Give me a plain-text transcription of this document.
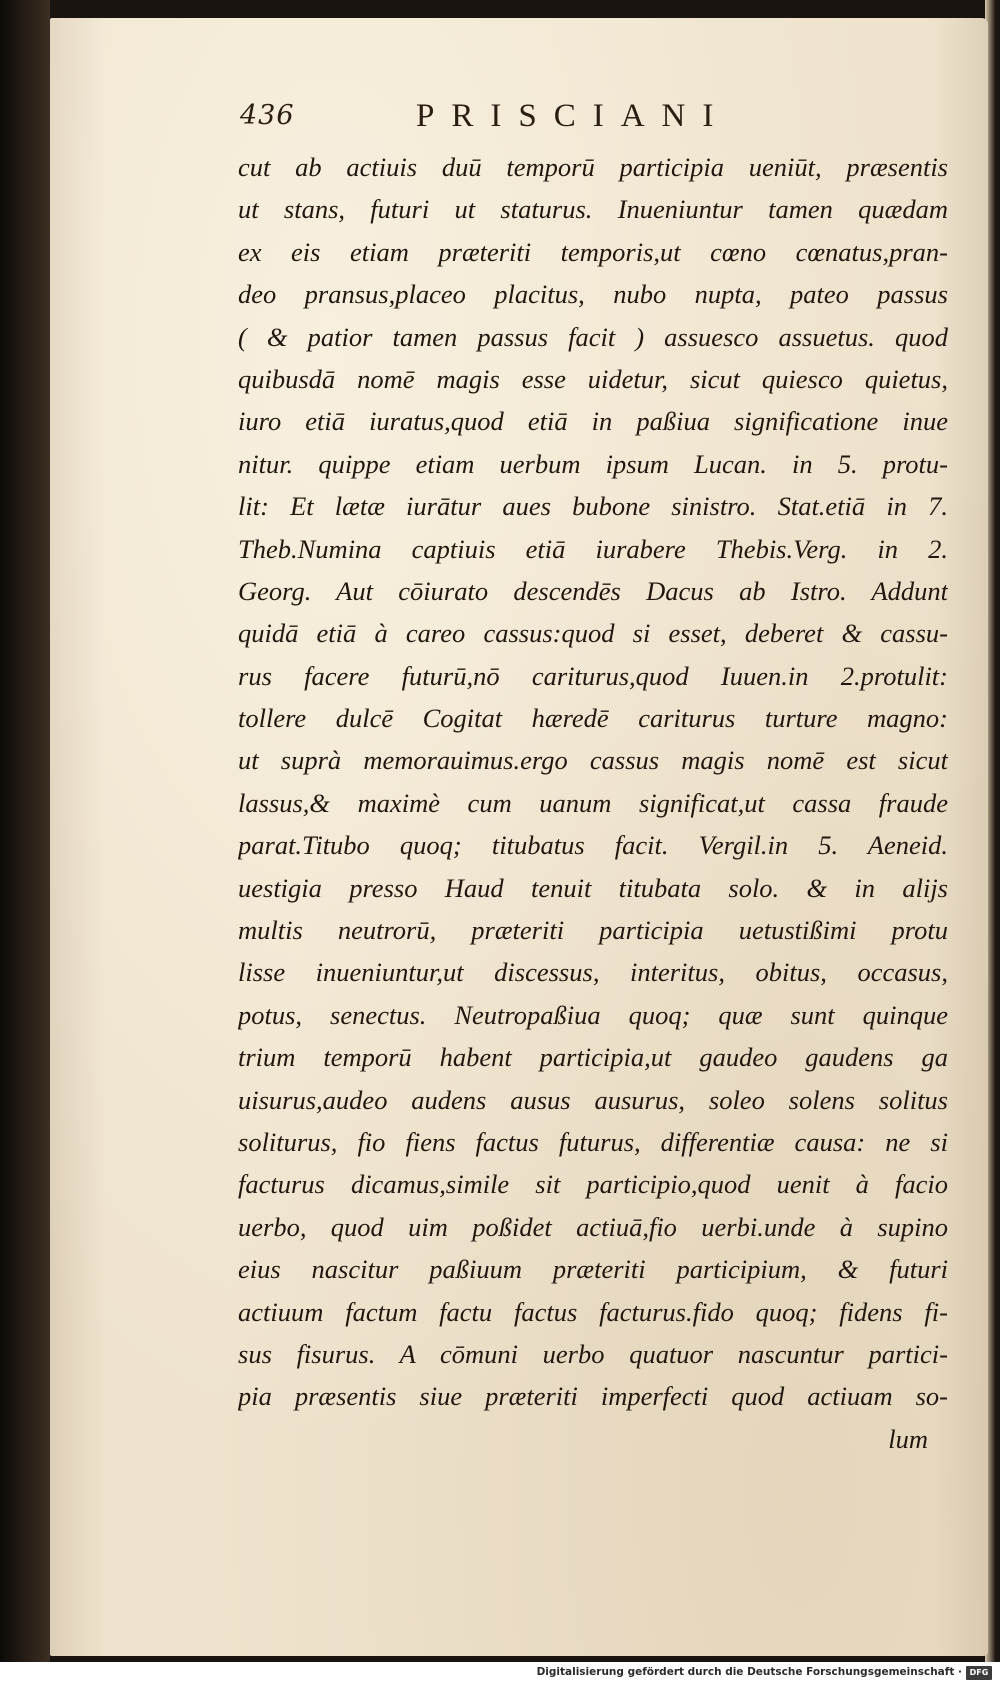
436	PRISCIANI
cut ab actiuis duū temporū participia ueniūt, præsentis
ut stans, futuri ut staturus. Inueniuntur tamen quædam
ex eis etiam præteriti temporis,ut cœno cœnatus,pran-
deo pransus,placeo placitus, nubo nupta, pateo passus
( & patior tamen passus facit ) assuesco assuetus. quod
quibusdā nomē magis esse uidetur, sicut quiesco quietus,
iuro etiā iuratus,quod etiā in paßiua significatione inue
nitur. quippe etiam uerbum ipsum Lucan. in 5. protu-
lit: Et lætæ iurātur aues bubone sinistro. Stat.etiā in 7.
Theb.Numina captiuis etiā iurabere Thebis.Verg. in 2.
Georg. Aut cōiurato descendēs Dacus ab Istro. Addunt
quidā etiā à careo cassus:quod si esset, deberet & cassu-
rus facere futurū,nō cariturus,quod Iuuen.in 2.protulit:
tollere dulcē Cogitat hæredē cariturus turture magno:
ut suprà memorauimus.ergo cassus magis nomē est sicut
lassus,& maximè cum uanum significat,ut cassa fraude
parat.Titubo quoq; titubatus facit. Vergil.in 5. Aeneid.
uestigia presso Haud tenuit titubata solo. & in alijs
multis neutrorū, præteriti participia uetustißimi protu
lisse inueniuntur,ut discessus, interitus, obitus, occasus,
potus, senectus. Neutropaßiua quoq; quæ sunt quinque
trium temporū habent participia,ut gaudeo gaudens ga
uisurus,audeo audens ausus ausurus, soleo solens solitus
soliturus, fio fiens factus futurus, differentiæ causa: ne si
facturus dicamus,simile sit participio,quod uenit à facio
uerbo, quod uim poßidet actiuā,fio uerbi.unde à supino
eius nascitur paßiuum præteriti participium, & futuri
actiuum factum factu factus facturus.fido quoq; fidens fi-
sus fisurus. A cōmuni uerbo quatuor nascuntur partici-
pia præsentis siue præteriti imperfecti quod actiuam so-
lum
Digitalisierung gefördert durch die Deutsche Forschungsgemeinschaft · DFG
